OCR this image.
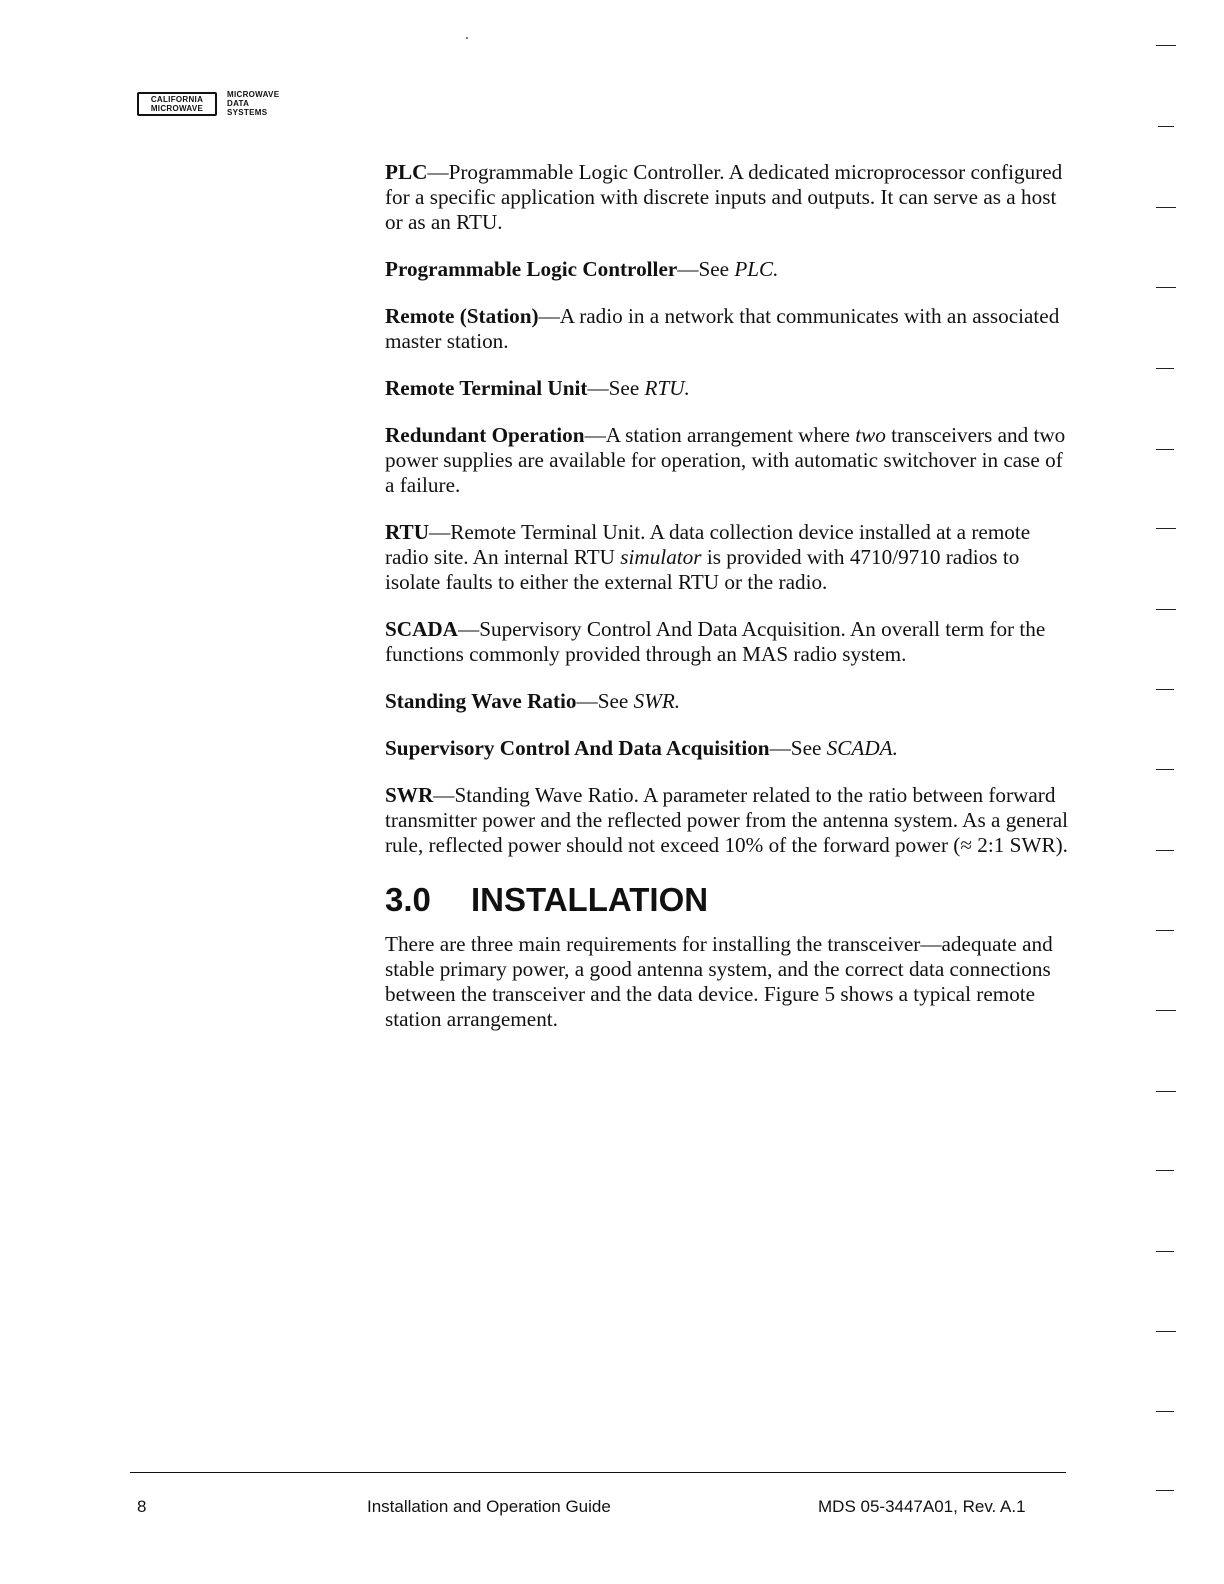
CALIFORNIA
MICROWAVE
MICROWAVE
DATA
SYSTEMS

PLC—Programmable Logic Controller. A dedicated microprocessor configured for a specific application with discrete inputs and outputs. It can serve as a host or as an RTU.

Programmable Logic Controller—See PLC.

Remote (Station)—A radio in a network that communicates with an associated master station.

Remote Terminal Unit—See RTU.

Redundant Operation—A station arrangement where two transceivers and two power supplies are available for operation, with automatic switchover in case of a failure.

RTU—Remote Terminal Unit. A data collection device installed at a remote radio site. An internal RTU simulator is provided with 4710/9710 radios to isolate faults to either the external RTU or the radio.

SCADA—Supervisory Control And Data Acquisition. An overall term for the functions commonly provided through an MAS radio system.

Standing Wave Ratio—See SWR.

Supervisory Control And Data Acquisition—See SCADA.

SWR—Standing Wave Ratio. A parameter related to the ratio between forward transmitter power and the reflected power from the antenna system. As a general rule, reflected power should not exceed 10% of the forward power (≈ 2:1 SWR).

3.0 INSTALLATION

There are three main requirements for installing the transceiver—adequate and stable primary power, a good antenna system, and the correct data connections between the transceiver and the data device. Figure 5 shows a typical remote station arrangement.

8	Installation and Operation Guide	MDS 05-3447A01, Rev. A.1
